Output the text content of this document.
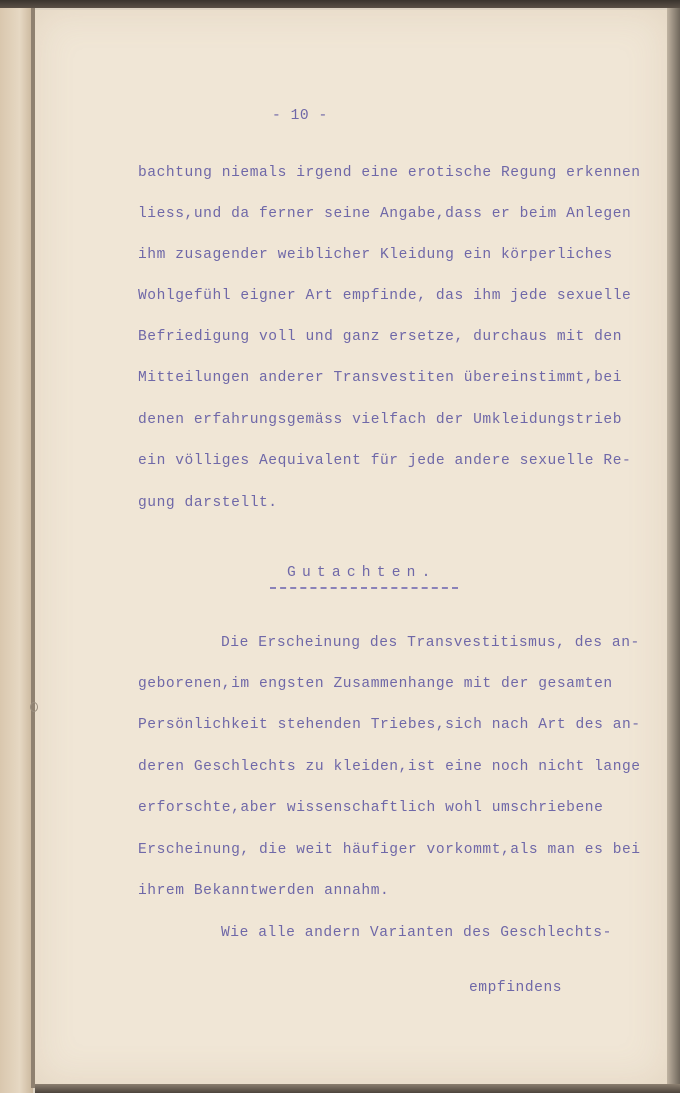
- 10 -
bachtung niemals irgend eine erotische Regung erkennen
liess,und da ferner seine Angabe,dass er beim Anlegen
ihm zusagender weiblicher Kleidung ein körperliches
Wohlgefühl eigner Art empfinde, das ihm jede sexuelle
Befriedigung voll und ganz ersetze, durchaus mit den
Mitteilungen anderer Transvestiten übereinstimmt,bei
denen erfahrungsgemäss vielfach der Umkleidungstrieb
ein völliges Aequivalent für jede andere sexuelle Re-
gung darstellt.
Gutachten.
Die Erscheinung des Transvestitismus, des an-
geborenen,im engsten Zusammenhange mit der gesamten
Persönlichkeit stehenden Triebes,sich nach Art des an-
deren Geschlechts zu kleiden,ist eine noch nicht lange
erforschte,aber wissenschaftlich wohl umschriebene
Erscheinung, die weit häufiger vorkommt,als man es bei
ihrem Bekanntwerden annahm.
Wie alle andern Varianten des Geschlechts-
empfindens
